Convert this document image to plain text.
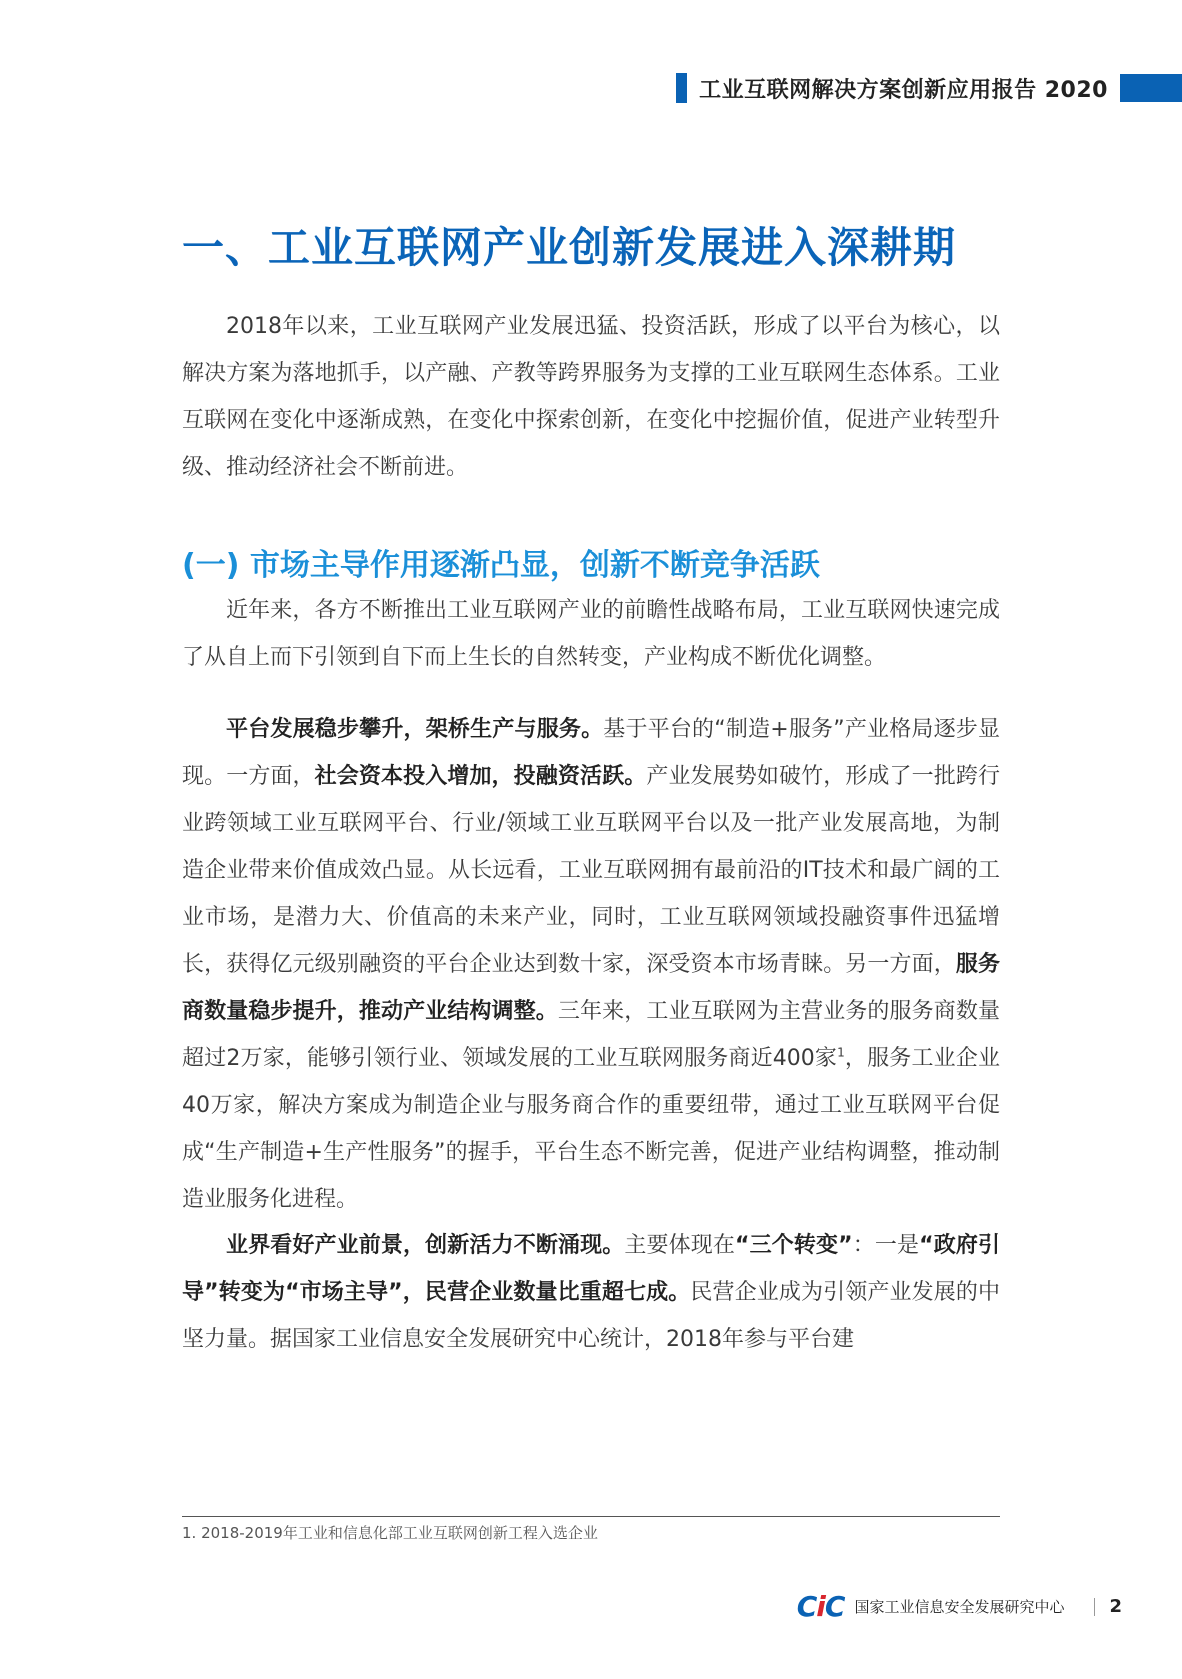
工业互联网解决方案创新应用报告 2020
一、工业互联网产业创新发展进入深耕期

2018年以来，工业互联网产业发展迅猛、投资活跃，形成了以平台为核心，以解决方案为落地抓手，以产融、产教等跨界服务为支撑的工业互联网生态体系。工业互联网在变化中逐渐成熟，在变化中探索创新，在变化中挖掘价值，促进产业转型升级、推动经济社会不断前进。

(一) 市场主导作用逐渐凸显，创新不断竞争活跃

近年来，各方不断推出工业互联网产业的前瞻性战略布局，工业互联网快速完成了从自上而下引领到自下而上生长的自然转变，产业构成不断优化调整。

平台发展稳步攀升，架桥生产与服务。基于平台的“制造+服务”产业格局逐步显现。一方面，社会资本投入增加，投融资活跃。产业发展势如破竹，形成了一批跨行业跨领域工业互联网平台、行业/领域工业互联网平台以及一批产业发展高地，为制造企业带来价值成效凸显。从长远看，工业互联网拥有最前沿的IT技术和最广阔的工业市场，是潜力大、价值高的未来产业，同时，工业互联网领域投融资事件迅猛增长，获得亿元级别融资的平台企业达到数十家，深受资本市场青睐。另一方面，服务商数量稳步提升，推动产业结构调整。三年来，工业互联网为主营业务的服务商数量超过2万家，能够引领行业、领域发展的工业互联网服务商近400家$^1$，服务工业企业40万家，解决方案成为制造企业与服务商合作的重要纽带，通过工业互联网平台促成“生产制造+生产性服务”的握手，平台生态不断完善，促进产业结构调整，推动制造业服务化进程。

业界看好产业前景，创新活力不断涌现。主要体现在“三个转变”：一是“政府引导”转变为“市场主导”，民营企业数量比重超七成。民营企业成为引领产业发展的中坚力量。据国家工业信息安全发展研究中心统计，2018年参与平台建

1. 2018-2019年工业和信息化部工业互联网创新工程入选企业
CiC 国家工业信息安全发展研究中心	2
